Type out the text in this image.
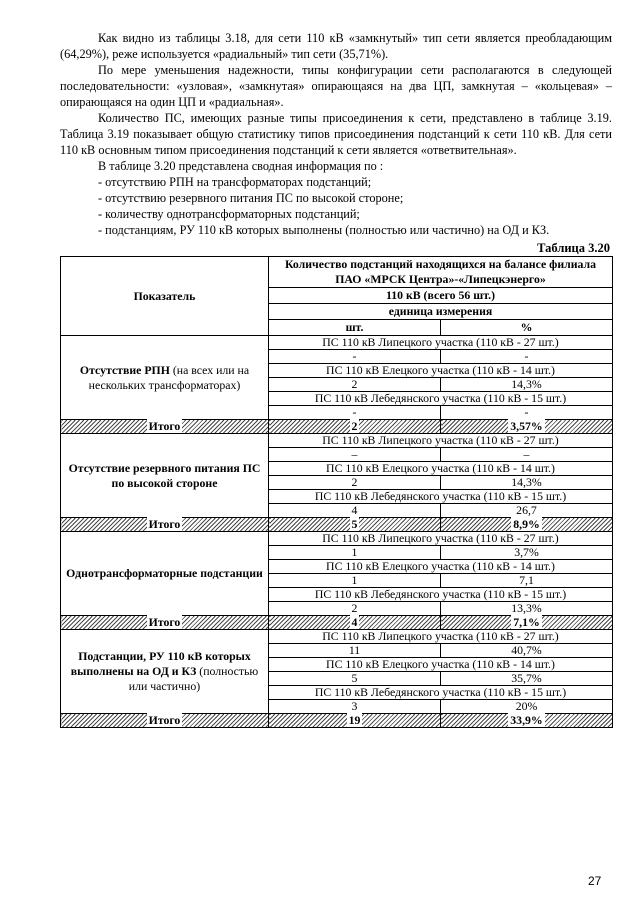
Как видно из таблицы 3.18, для сети 110 кВ «замкнутый» тип сети является преобладающим (64,29%), реже используется «радиальный» тип сети (35,71%).

По мере уменьшения надежности, типы конфигурации сети располагаются в следующей последовательности: «узловая», «замкнутая» опирающаяся на два ЦП, замкнутая – «кольцевая» – опирающаяся на один ЦП и «радиальная».

Количество ПС, имеющих разные типы присоединения к сети, представлено в таблице 3.19. Таблица 3.19 показывает общую статистику типов присоединения подстанций к сети 110 кВ. Для сети 110 кВ основным типом присоединения подстанций к сети является «ответвительная».

В таблице 3.20 представлена сводная информация по :

- отсутствию РПН на трансформаторах подстанций;

- отсутствию резервного питания ПС по высокой стороне;

- количеству однотрансформаторных подстанций;

- подстанциям, РУ 110 кВ которых выполнены (полностью или частично) на ОД и КЗ.

Таблица 3.20
Показатель	Количество подстанций находящихся на балансе филиала ПАО «МРСК Центра»-«Липецкэнерго»	
	110 кВ (всего 56 шт.)	
	единица измерения	
	шт.	%
Отсутствие РПН (на всех или на нескольких трансформаторах)	ПС 110 кВ Липецкого участка (110 кВ - 27 шт.)	
	-	-
	ПС 110 кВ Елецкого участка (110 кВ - 14 шт.)	
	2	14,3%
	ПС 110 кВ Лебедянского участка (110 кВ - 15 шт.)	
	-	-
Итого	2	3,57%
Отсутствие резервного питания ПС по высокой стороне	ПС 110 кВ Липецкого участка (110 кВ - 27 шт.)	
	–	–
	ПС 110 кВ Елецкого участка (110 кВ - 14 шт.)	
	2	14,3%
	ПС 110 кВ Лебедянского участка (110 кВ - 15 шт.)	
	4	26,7
Итого	5	8,9%
Однотрансформаторные подстанции	ПС 110 кВ Липецкого участка (110 кВ - 27 шт.)	
	1	3,7%
	ПС 110 кВ Елецкого участка (110 кВ - 14 шт.)	
	1	7,1
	ПС 110 кВ Лебедянского участка (110 кВ - 15 шт.)	
	2	13,3%
Итого	4	7,1%
Подстанции, РУ 110 кВ которых выполнены на ОД и КЗ (полностью или частично)	ПС 110 кВ Липецкого участка (110 кВ - 27 шт.)	
	11	40,7%
	ПС 110 кВ Елецкого участка (110 кВ - 14 шт.)	
	5	35,7%
	ПС 110 кВ Лебедянского участка (110 кВ - 15 шт.)	
	3	20%
Итого	19	33,9%
27
